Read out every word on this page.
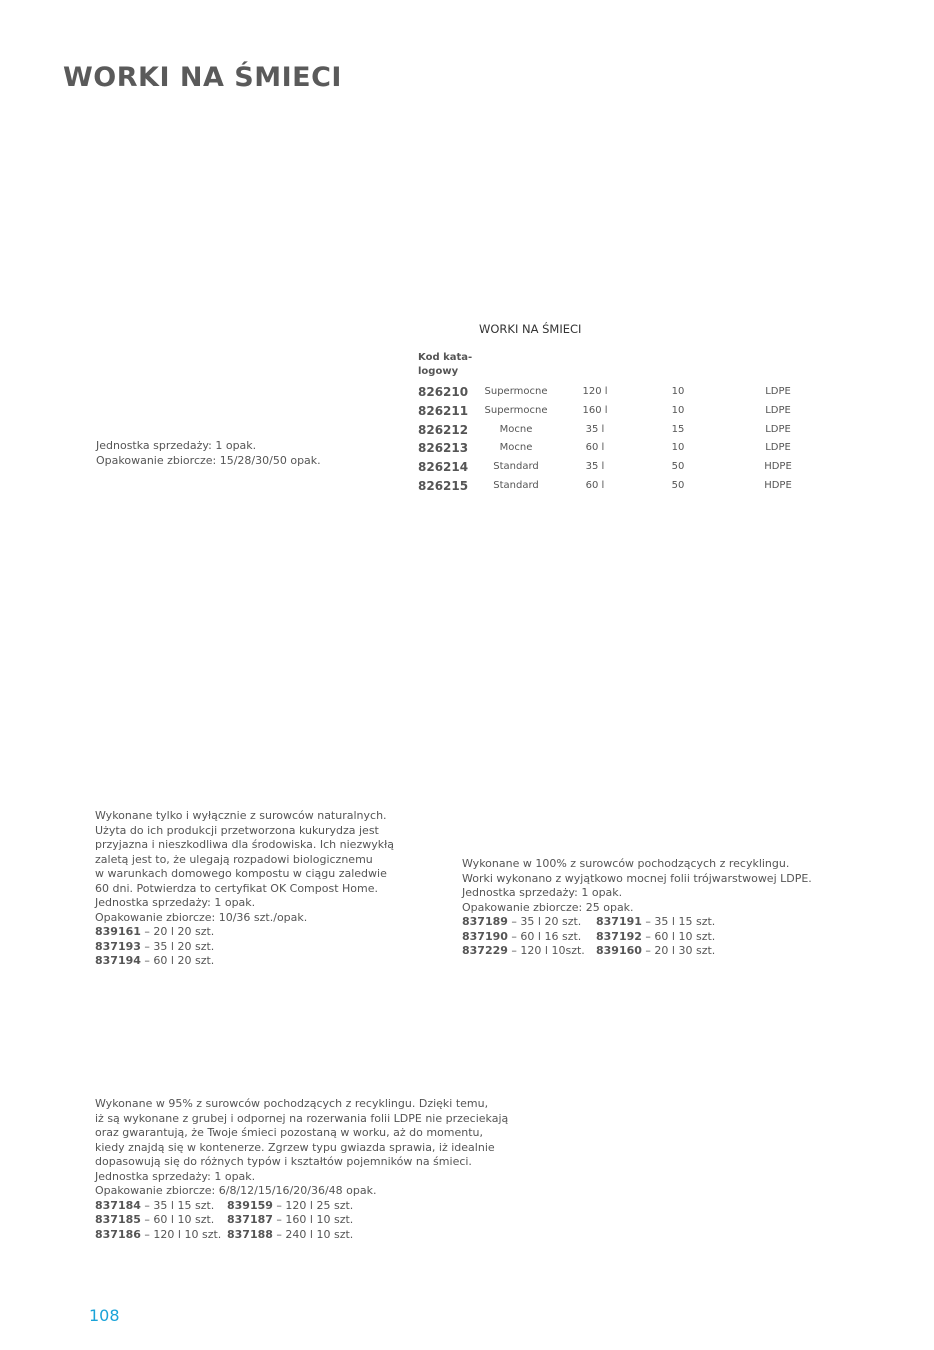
WORKI NA ŚMIECI
Jednostka sprzedaży: 1 opak.
Opakowanie zbiorcze: 15/28/30/50 opak.
WORKI NA ŚMIECI
Kod kata-
logowy
826210	Supermocne	120 l	10	LDPE
826211	Supermocne	160 l	10	LDPE
826212	Mocne	35 l	15	LDPE
826213	Mocne	60 l	10	LDPE
826214	Standard	35 l	50	HDPE
826215	Standard	60 l	50	HDPE
Wykonane tylko i wyłącznie z surowców naturalnych.
Użyta do ich produkcji przetworzona kukurydza jest
przyjazna i nieszkodliwa dla środowiska. Ich niezwykłą
zaletą jest to, że ulegają rozpadowi biologicznemu
w warunkach domowego kompostu w ciągu zaledwie
60 dni. Potwierdza to certyfikat OK Compost Home.
Jednostka sprzedaży: 1 opak.
Opakowanie zbiorcze: 10/36 szt./opak.
839161 – 20 l 20 szt.
837193 – 35 l 20 szt.
837194 – 60 l 20 szt.
Wykonane w 100% z surowców pochodzących z recyklingu.
Worki wykonano z wyjątkowo mocnej folii trójwarstwowej LDPE.
Jednostka sprzedaży: 1 opak.
Opakowanie zbiorcze: 25 opak.
837189 – 35 l 20 szt. 837191 – 35 l 15 szt.
837190 – 60 l 16 szt. 837192 – 60 l 10 szt.
837229 – 120 l 10szt. 839160 – 20 l 30 szt.
Wykonane w 95% z surowców pochodzących z recyklingu. Dzięki temu,
iż są wykonane z grubej i odpornej na rozerwania folii LDPE nie przeciekają
oraz gwarantują, że Twoje śmieci pozostaną w worku, aż do momentu,
kiedy znajdą się w kontenerze. Zgrzew typu gwiazda sprawia, iż idealnie
dopasowują się do różnych typów i kształtów pojemników na śmieci.
Jednostka sprzedaży: 1 opak.
Opakowanie zbiorcze: 6/8/12/15/16/20/36/48 opak.
837184 – 35 l 15 szt. 839159 – 120 l 25 szt.
837185 – 60 l 10 szt. 837187 – 160 l 10 szt.
837186 – 120 l 10 szt. 837188 – 240 l 10 szt.
108
